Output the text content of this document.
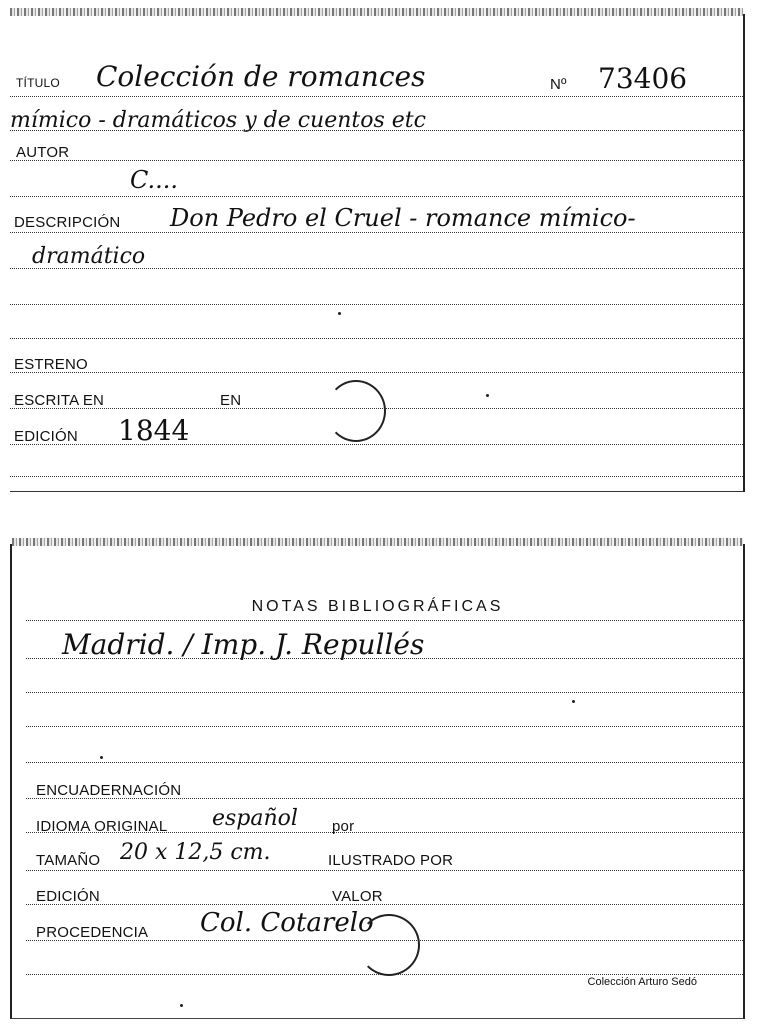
TÍTULO Colección de romances	Nº 73406
mímico - dramáticos y de cuentos etc
AUTOR
C....
DESCRIPCIÓN Don Pedro el Cruel - romance mímico-
dramático
ESTRENO
ESCRITA EN	EN
EDICIÓN 1844
NOTAS BIBLIOGRÁFICAS
Madrid. / Imp. J. Repullés
ENCUADERNACIÓN
IDIOMA ORIGINAL español por
TAMAÑO 20 x 12,5 cm.	ILUSTRADO POR
EDICIÓN	VALOR
PROCEDENCIA Col. Cotarelo
Colección Arturo Sedó
